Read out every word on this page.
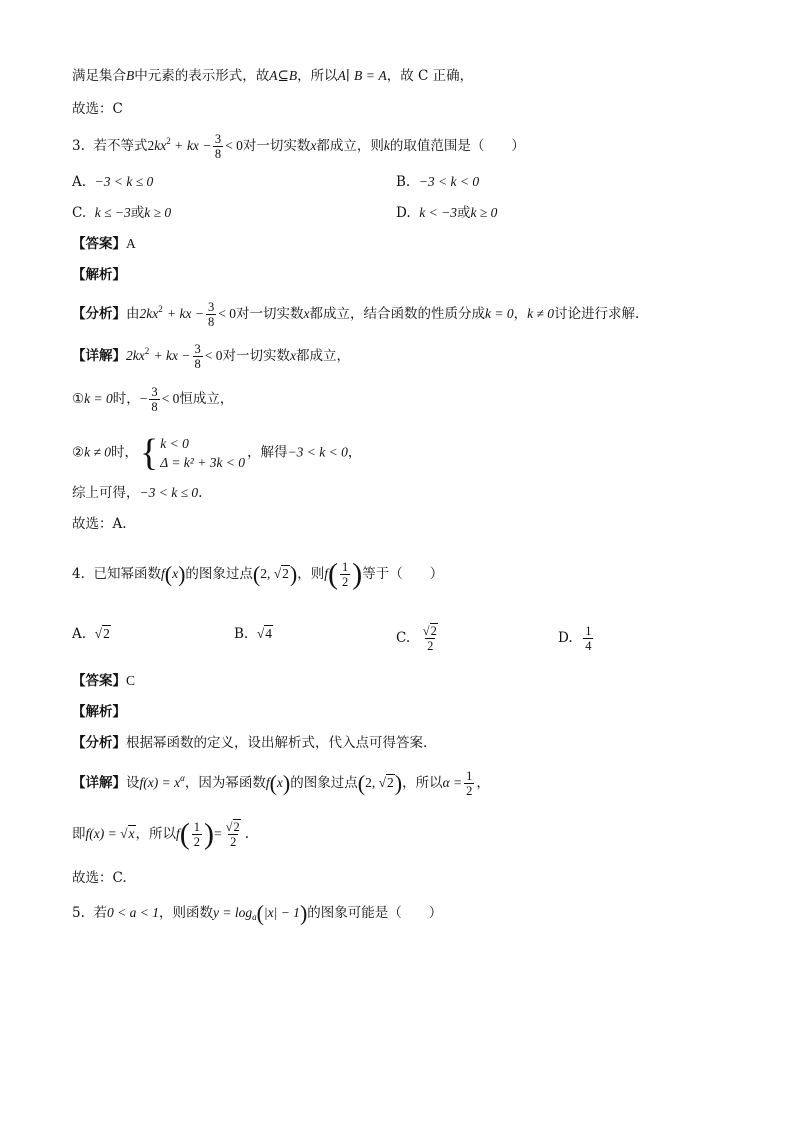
满足集合B中元素的表示形式，故A⊆B，所以A∣ B = A，故 C 正确，
故选：C
3. 若不等式$2kx^2$ + kx − $\frac{3}{8} < 0$对一切实数x都成立，则k的取值范围是（　　）
A. −3 < k ≤ 0	B. −3 < k < 0
C. k ≤ −3或k ≥ 0	D. k < −3或k ≥ 0
【答案】A
【解析】
【分析】由$2kx^2$ + kx − $\frac{3}{8} < 0$对一切实数x都成立，结合函数的性质分成k = 0，k ≠ 0讨论进行求解.
【详解】$2kx^2$ + kx − $\frac{3}{8} < 0$对一切实数x都成立，
①k = 0时，− $\frac{3}{8} < 0$恒成立，
②k ≠ 0时， { k < 0
Δ = k² + 3k < 0
，解得−3 < k < 0，
综上可得，−3 < k ≤ 0.
故选：A.
4. 已知幂函数f(x)的图象过点(2, √2)，则$f( \frac{1}{2}$ )等于（　　）
A. √2	B. √4	C. $\frac{√2}{2}$	D. $\frac{1}{4}$
【答案】C
【解析】
【分析】根据幂函数的定义，设出解析式，代入点可得答案.
【详解】设$f(x) = x^\alpha$，因为幂函数f(x)的图象过点(2, √2)，所以$\alpha = \frac{1}{2}$ ，
即f(x) = √x，所以$f( \frac{1}{2}$ )= $\frac{√2}{2}$ .
故选：C.
5. 若0 < a < 1，则函数$y = \log_a(|x| - 1)$的图象可能是（　　）
